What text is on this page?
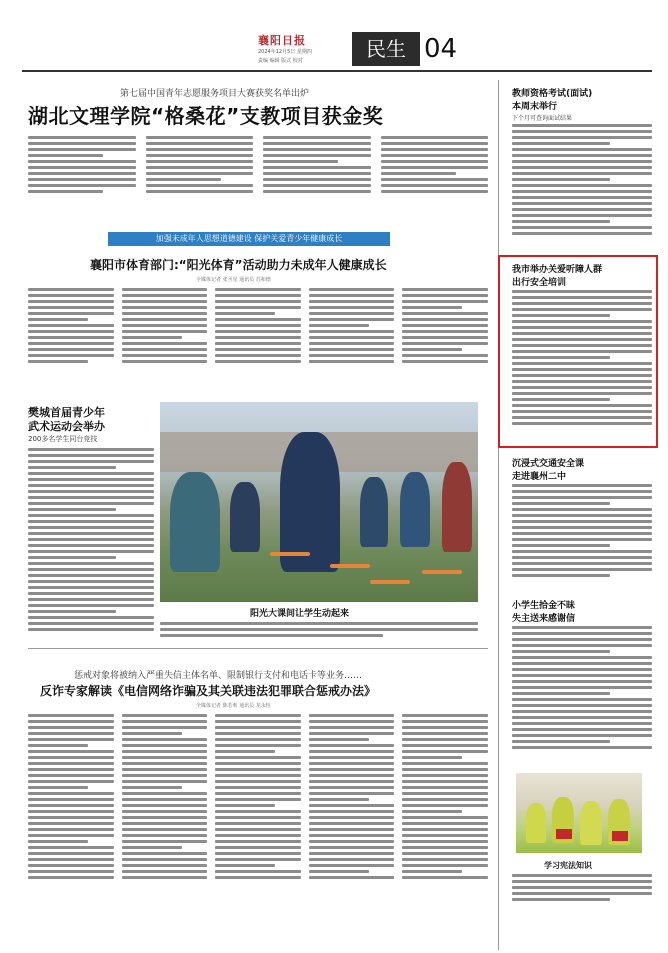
襄阳日报
2024年12月5日 星期四
责编 编辑 版式 校对	民生 04
第七届中国青年志愿服务项目大赛获奖名单出炉
湖北文理学院“格桑花”支教项目获金奖
加强未成年人思想道德建设 保护关爱青少年健康成长
襄阳市体育部门:“阳光体育”活动助力未成年人健康成长
全媒体记者 张丞星 通讯员 苏和德
樊城首届青少年
武术运动会举办
200多名学生同台竞技
阳光大课间让学生动起来
惩戒对象将被纳入严重失信主体名单、限制银行支付和电话卡等业务……
反诈专家解读《电信网络诈骗及其关联违法犯罪联合惩戒办法》
全媒体记者 陈若莉 通讯员 龙永恒
教师资格考试(面试)
本周末举行
下个月可查询面试结果
我市举办关爱听障人群
出行安全培训
沉浸式交通安全课
走进襄州二中
小学生拾金不昧
失主送来感谢信
学习宪法知识
